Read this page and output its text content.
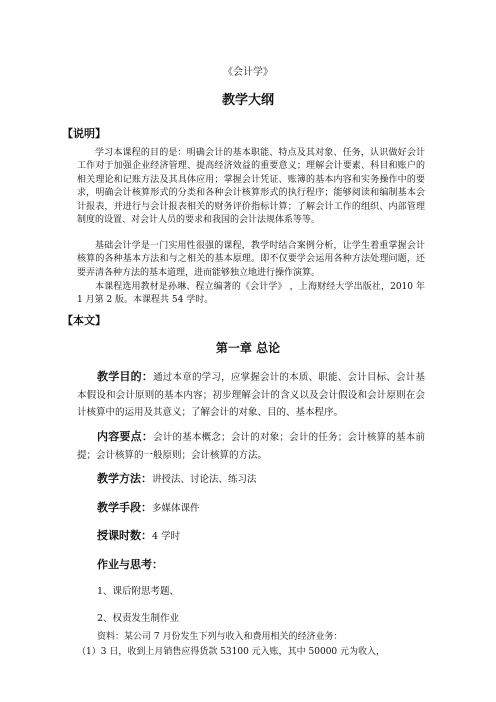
《会计学》
教学大纲
【说明】
学习本课程的目的是：明确会计的基本职能、特点及其对象、任务，认识做好会计工作对于加强企业经济管理、提高经济效益的重要意义；理解会计要素、科目和账户的相关理论和记账方法及其具体应用；掌握会计凭证、账簿的基本内容和实务操作中的要求，明确会计核算形式的分类和各种会计核算形式的执行程序；能够阅读和编制基本会计报表，并进行与会计报表相关的财务评价指标计算；了解会计工作的组织、内部管理制度的设置、对会计人员的要求和我国的会计法规体系等等。
基础会计学是一门实用性很强的课程，教学时结合案例分析，让学生着重掌握会计核算的各种基本方法和与之相关的基本原理。即不仅要学会运用各种方法处理问题，还要弄清各种方法的基本道理，进而能够独立地进行操作演算。
本课程选用教材是孙琳、程立编著的《会计学》 ，上海财经大学出版社，2010 年 1 月第 2 版。本课程共 54 学时。
【本文】
第一章 总论
教学目的：通过本章的学习，应掌握会计的本质、职能、会计目标、会计基本假设和会计原则的基本内容；初步理解会计的含义以及会计假设和会计原则在会计核算中的运用及其意义；了解会计的对象、目的、基本程序。
内容要点：会计的基本概念；会计的对象；会计的任务；会计核算的基本前提；会计核算的一般原则；会计核算的方法。
教学方法：讲授法、讨论法、练习法
教学手段：多媒体课件
授课时数：4 学时
作业与思考：
1、课后附思考题、
2、权责发生制作业
资料：某公司 7 月份发生下列与收入和费用相关的经济业务：
（1）3 日，收到上月销售应得货款 53100 元入账，其中 50000 元为收入，
